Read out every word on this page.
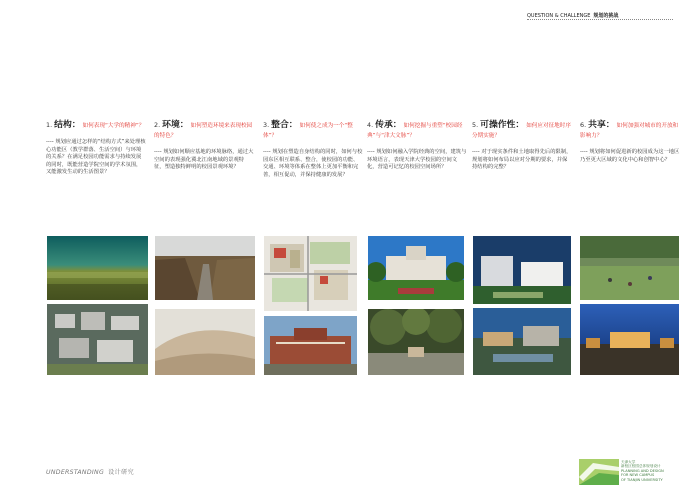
QUESTION & CHALLENGE 规划的挑战
1. 结构： 如何表现“大学的精神”？
---- 规划应通过怎样的“结构方式”来处理核心功能区（教学群落、生活空间）与环境的关系？在满足校园功能需求与持续发展的同时，既能营造学院空间的学术氛围，又能激发生动的生活图景？
2. 环境： 如何塑造环境来表现校园的特色？
---- 规划如何顺应基地的环境脉络，通过大空间的表现强化冀北江南地域的景观特征，塑造独特鲜明的校园景观环境？
3. 整合： 如何使之成为一个“整体”？
---- 规划在塑造自身结构的同时，如何与校园东区相互联系、整合，使校园的功能、交通、环境等体系在整体上更加平衡和完善，相互促动，并保持健康的发展？
4. 传承： 如何挖掘与重塑“校园经典”与“津大文脉”？
---- 规划如何融入学院经典的空间，建筑与环境语言，表现天津大学校园的空间文化，营造可记忆的校园空间场所？
5. 可操作性： 如何应对征地时序分期实施？
---- 对于现实条件和土地取得先后的限制，规划将如何布局以应对分期的要求，并保持结构的完整？
6. 共享： 如何加强对城市的开放和影响力？
---- 规划将如何促进新的校园成为这一地区乃至更大区域的文化中心和创智中心？
UNDERSTANDING 设计研究
天津大学
新校区校园总体规划设计
PLANNING AND DESIGN
FOR NEW CAMPUS
OF TIANJIN UNIVERSITY
